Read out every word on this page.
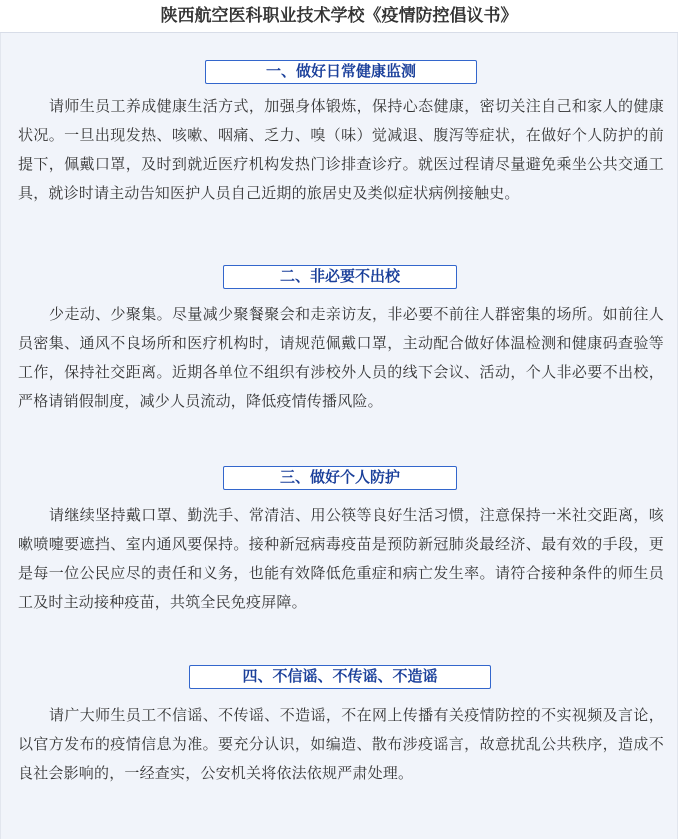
陕西航空医科职业技术学校《疫情防控倡议书》
一、做好日常健康监测
请师生员工养成健康生活方式，加强身体锻炼，保持心态健康，密切关注自己和家人的健康状况。一旦出现发热、咳嗽、咽痛、乏力、嗅（味）觉减退、腹泻等症状，在做好个人防护的前提下，佩戴口罩，及时到就近医疗机构发热门诊排查诊疗。就医过程请尽量避免乘坐公共交通工具，就诊时请主动告知医护人员自己近期的旅居史及类似症状病例接触史。
二、非必要不出校
少走动、少聚集。尽量减少聚餐聚会和走亲访友，非必要不前往人群密集的场所。如前往人员密集、通风不良场所和医疗机构时，请规范佩戴口罩，主动配合做好体温检测和健康码查验等工作，保持社交距离。近期各单位不组织有涉校外人员的线下会议、活动，个人非必要不出校，严格请销假制度，减少人员流动，降低疫情传播风险。
三、做好个人防护
请继续坚持戴口罩、勤洗手、常清洁、用公筷等良好生活习惯，注意保持一米社交距离，咳嗽喷嚏要遮挡、室内通风要保持。接种新冠病毒疫苗是预防新冠肺炎最经济、最有效的手段，更是每一位公民应尽的责任和义务，也能有效降低危重症和病亡发生率。请符合接种条件的师生员工及时主动接种疫苗，共筑全民免疫屏障。
四、不信谣、不传谣、不造谣
请广大师生员工不信谣、不传谣、不造谣，不在网上传播有关疫情防控的不实视频及言论，以官方发布的疫情信息为准。要充分认识，如编造、散布涉疫谣言，故意扰乱公共秩序，造成不良社会影响的，一经查实，公安机关将依法依规严肃处理。
